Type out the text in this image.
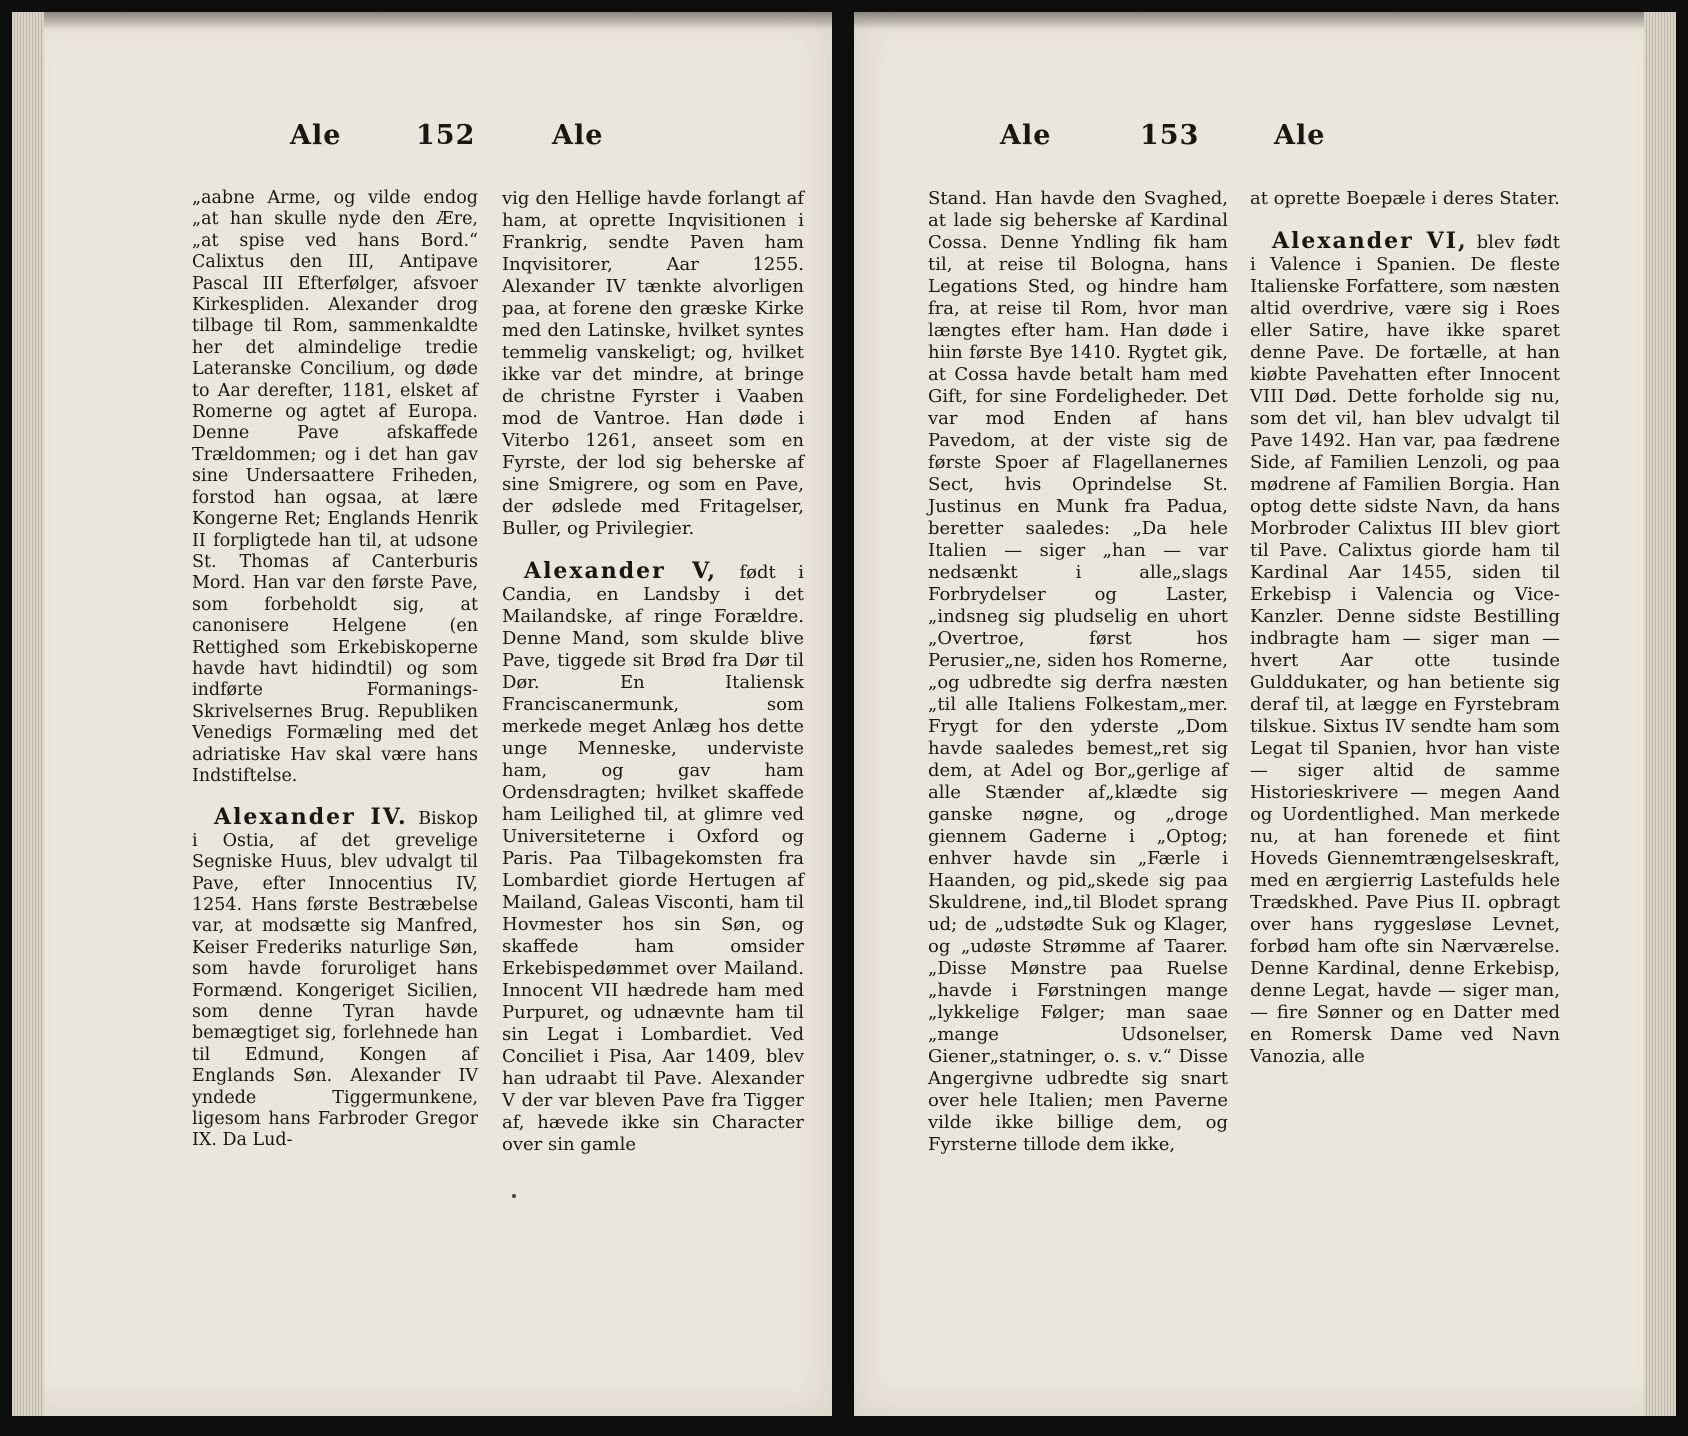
Ale	152	Ale

„aabne Arme, og vilde endog „at han skulle nyde den Ære, „at spise ved hans Bord.“ Calixtus den III, Antipave Pascal III Efterfølger, afsvoer Kirkespliden. Alexander drog tilbage til Rom, sammenkaldte her det almindelige tredie Lateranske Concilium, og døde to Aar derefter, 1181, elsket af Romerne og agtet af Europa. Denne Pave afskaffede Trældommen; og i det han gav sine Undersaattere Friheden, forstod han ogsaa, at lære Kongerne Ret; Englands Henrik II forpligtede han til, at udsone St. Thomas af Canterburis Mord. Han var den første Pave, som forbeholdt sig, at canonisere Helgene (en Rettighed som Erkebiskoperne havde havt hidindtil) og som indførte Formanings-Skrivelsernes Brug. Republiken Venedigs Formæling med det adriatiske Hav skal være hans Indstiftelse.

Alexander IV. Biskop i Ostia, af det grevelige Segniske Huus, blev udvalgt til Pave, efter Innocentius IV, 1254. Hans første Bestræbelse var, at modsætte sig Manfred, Keiser Frederiks naturlige Søn, som havde foruroliget hans Formænd. Kongeriget Sicilien, som denne Tyran havde bemægtiget sig, forlehnede han til Edmund, Kongen af Englands Søn. Alexander IV yndede Tiggermunkene, ligesom hans Farbroder Gregor IX. Da Lud-

vig den Hellige havde forlangt af ham, at oprette Inqvisitionen i Frankrig, sendte Paven ham Inqvisitorer, Aar 1255. Alexander IV tænkte alvorligen paa, at forene den græske Kirke med den Latinske, hvilket syntes temmelig vanskeligt; og, hvilket ikke var det mindre, at bringe de christne Fyrster i Vaaben mod de Vantroe. Han døde i Viterbo 1261, anseet som en Fyrste, der lod sig beherske af sine Smigrere, og som en Pave, der ødslede med Fritagelser, Buller, og Privilegier.

Alexander V, født i Candia, en Landsby i det Mailandske, af ringe Forældre. Denne Mand, som skulde blive Pave, tiggede sit Brød fra Dør til Dør. En Italiensk Franciscanermunk, som merkede meget Anlæg hos dette unge Menneske, underviste ham, og gav ham Ordensdragten; hvilket skaffede ham Leilighed til, at glimre ved Universiteterne i Oxford og Paris. Paa Tilbagekomsten fra Lombardiet giorde Hertugen af Mailand, Galeas Visconti, ham til Hovmester hos sin Søn, og skaffede ham omsider Erkebispedømmet over Mailand. Innocent VII hædrede ham med Purpuret, og udnævnte ham til sin Legat i Lombardiet. Ved Conciliet i Pisa, Aar 1409, blev han udraabt til Pave. Alexander V der var bleven Pave fra Tigger af, hævede ikke sin Character over sin gamle

Ale	153	Ale

Stand. Han havde den Svaghed, at lade sig beherske af Kardinal Cossa. Denne Yndling fik ham til, at reise til Bologna, hans Legations Sted, og hindre ham fra, at reise til Rom, hvor man længtes efter ham. Han døde i hiin første Bye 1410. Rygtet gik, at Cossa havde betalt ham med Gift, for sine Fordeligheder. Det var mod Enden af hans Pavedom, at der viste sig de første Spoer af Flagellanernes Sect, hvis Oprindelse St. Justinus en Munk fra Padua, beretter saaledes: „Da hele Italien — siger „han — var nedsænkt i alle„slags Forbrydelser og Laster, „indsneg sig pludselig en uhort „Overtroe, først hos Perusier„ne, siden hos Romerne, „og udbredte sig derfra næsten „til alle Italiens Folkestam„mer. Frygt for den yderste „Dom havde saaledes bemest„ret sig dem, at Adel og Bor„gerlige af alle Stænder af„klædte sig ganske nøgne, og „droge giennem Gaderne i „Optog; enhver havde sin „Færle i Haanden, og pid„skede sig paa Skuldrene, ind„til Blodet sprang ud; de „udstødte Suk og Klager, og „udøste Strømme af Taarer. „Disse Mønstre paa Ruelse „havde i Førstningen mange „lykkelige Følger; man saae „mange Udsonelser, Giener„statninger, o. s. v.“ Disse Angergivne udbredte sig snart over hele Italien; men Paverne vilde ikke billige dem, og Fyrsterne tillode dem ikke,

at oprette Boepæle i deres Stater.

Alexander VI, blev født i Valence i Spanien. De fleste Italienske Forfattere, som næsten altid overdrive, være sig i Roes eller Satire, have ikke sparet denne Pave. De fortælle, at han kiøbte Pavehatten efter Innocent VIII Død. Dette forholde sig nu, som det vil, han blev udvalgt til Pave 1492. Han var, paa fædrene Side, af Familien Lenzoli, og paa mødrene af Familien Borgia. Han optog dette sidste Navn, da hans Morbroder Calixtus III blev giort til Pave. Calixtus giorde ham til Kardinal Aar 1455, siden til Erkebisp i Valencia og Vice-Kanzler. Denne sidste Bestilling indbragte ham — siger man — hvert Aar otte tusinde Gulddukater, og han betiente sig deraf til, at lægge en Fyrstebram tilskue. Sixtus IV sendte ham som Legat til Spanien, hvor han viste — siger altid de samme Historieskrivere — megen Aand og Uordentlighed. Man merkede nu, at han forenede et fiint Hoveds Giennemtrængelseskraft, med en ærgierrig Lastefulds hele Trædskhed. Pave Pius II. opbragt over hans ryggesløse Levnet, forbød ham ofte sin Nærværelse. Denne Kardinal, denne Erkebisp, denne Legat, havde — siger man, — fire Sønner og en Datter med en Romersk Dame ved Navn Vanozia, alle
